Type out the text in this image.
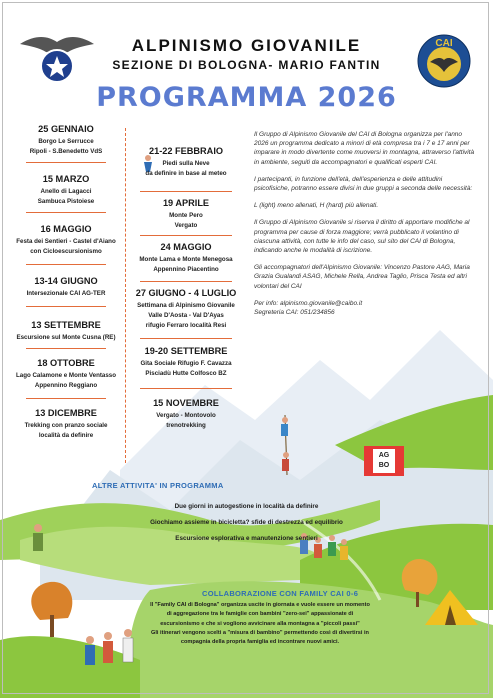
CAI
ALPINISMO GIOVANILE
SEZIONE DI BOLOGNA- MARIO FANTIN
PROGRAMMA 2026
25 GENNAIO
Borgo Le Serrucce
Ripoli - S.Benedetto VdS
15 MARZO
Anello di Lagacci
Sambuca Pistoiese
16 MAGGIO
Festa dei Sentieri - Castel d'Aiano
con Cicloescursionismo
13-14 GIUGNO
Intersezionale CAI AG-TER
13 SETTEMBRE
Escursione sul Monte Cusna (RE)
18 OTTOBRE
Lago Calamone e Monte Ventasso
Appennino Reggiano
13 DICEMBRE
Trekking con pranzo sociale
località da definire
21-22 FEBBRAIO
Piedi sulla Neve
da definire in base al meteo
19 APRILE
Monte Pero
Vergato
24 MAGGIO
Monte Lama e Monte Menegosa
Appennino Piacentino
27 GIUGNO - 4 LUGLIO
Settimana di Alpinismo Giovanile
Valle D'Aosta - Val D'Ayas
rifugio Ferraro località Resi
19-20 SETTEMBRE
Gita Sociale Rifugio F. Cavazza
Pisciadù Hutte Colfosco BZ
15 NOVEMBRE
Vergato - Montovolo
trenotrekking

Il Gruppo di Alpinismo Giovanile del CAI di Bologna organizza per l'anno 2026 un programma dedicato a minori di età compresa tra i 7 e 17 anni per imparare in modo divertente come muoversi in montagna, attraverso l'attività in ambiente, seguiti da accompagnatori e qualificati esperti CAI.

I partecipanti, in funzione dell'età, dell'esperienza e delle attitudini psicofisiche, potranno essere divisi in due gruppi a seconda delle necessità:

L (light) meno allenati, H (hard) più allenati.

Il Gruppo di Alpinismo Giovanile si riserva il diritto di apportare modifiche al programma per cause di forza maggiore; verrà pubblicato il volantino di ciascuna attività, con tutte le info del caso, sul sito del CAI di Bologna, indicando anche le modalità di iscrizione.

Gli accompagnatori dell'Alpinismo Giovanile: Vincenzo Pastore AAG, Maria Grazia Gualandi ASAG, Michele Rella, Andrea Taglio, Prisca Testa ed altri volontari del CAI

Per info: alpinismo.giovanile@caibo.it

Segreteria CAI: 051/234856

AG
BO
ALTRE ATTIVITA' IN PROGRAMMA
Due giorni in autogestione in località da definire
Giochiamo assieme in bicicletta? sfide di destrezza ed equilibrio
Escursione esplorativa e manutenzione sentieri
COLLABORAZIONE CON FAMILY CAI 0-6
Il "Family CAI di Bologna" organizza uscite in giornata e vuole essere un momento
di aggregazione tra le famiglie con bambini "zero-sei" appassionate di
escursionismo e che si vogliono avvicinare alla montagna a "piccoli passi"
Gli itinerari vengono scelti a "misura di bambino" permettendo così di divertirsi in
compagnia della propria famiglia ed incontrare nuovi amici.
